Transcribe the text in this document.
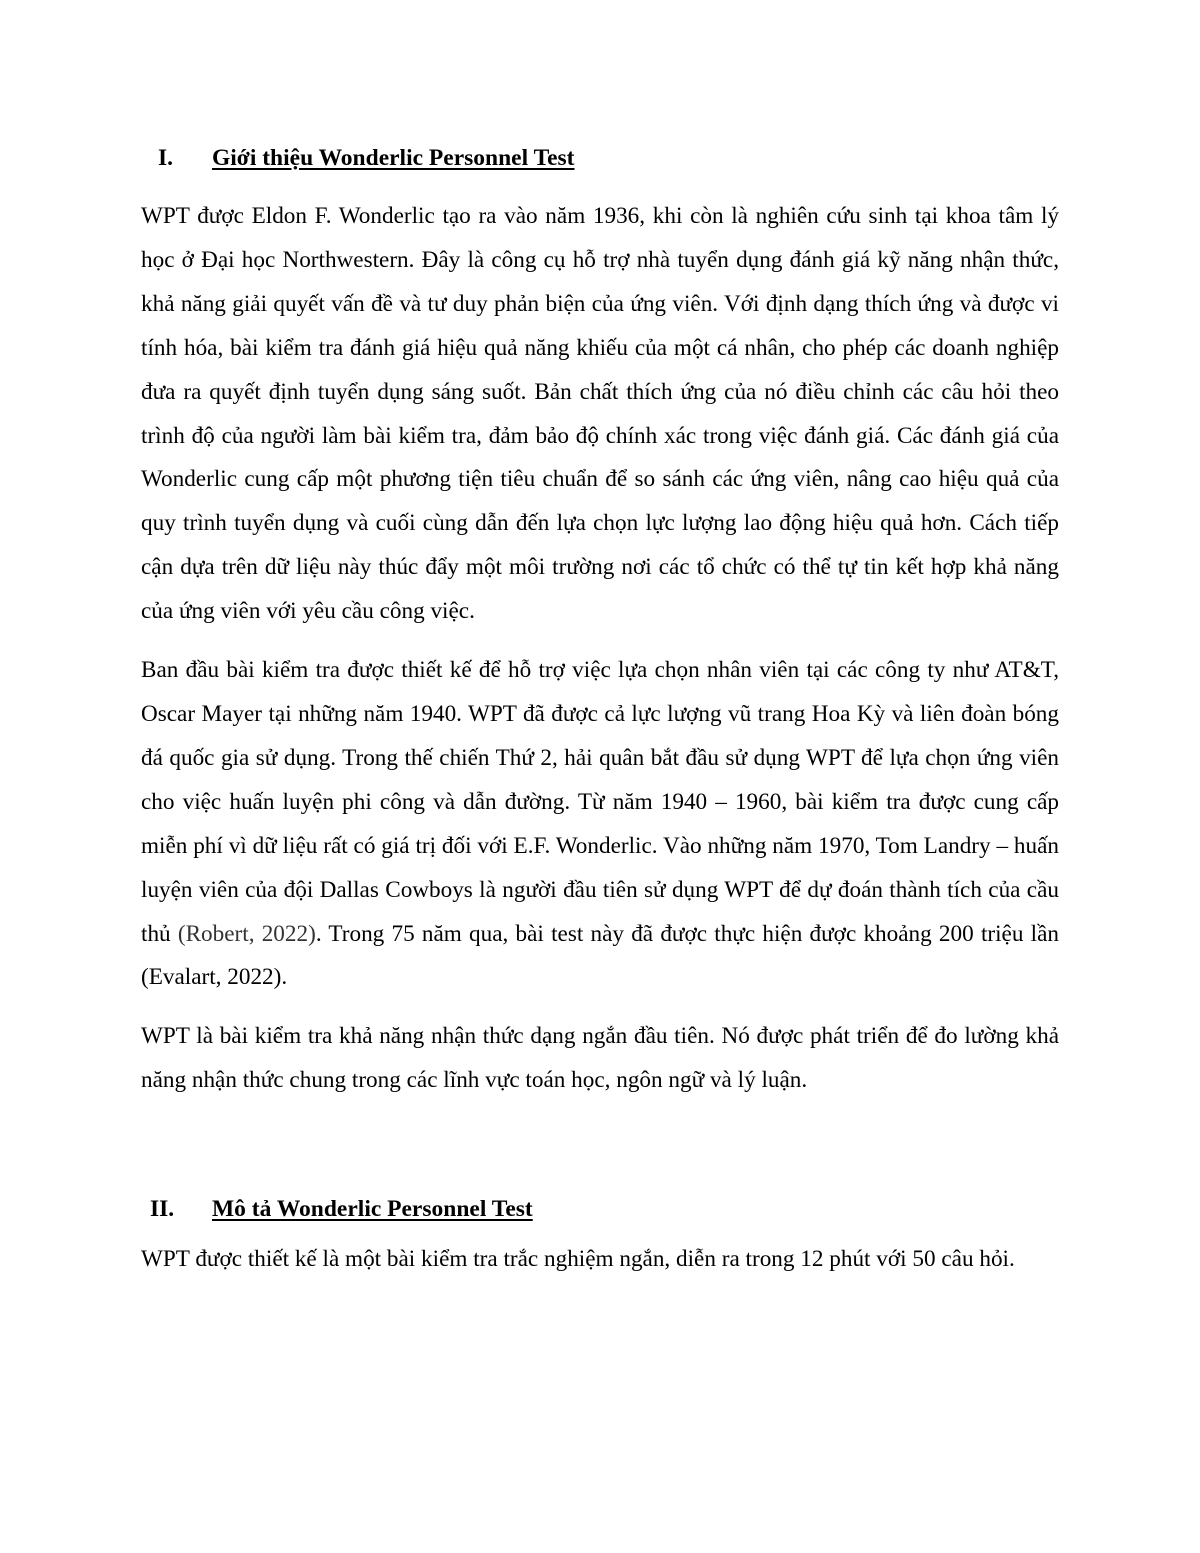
I.	Giới thiệu Wonderlic Personnel Test

WPT được Eldon F. Wonderlic tạo ra vào năm 1936, khi còn là nghiên cứu sinh tại khoa tâm lý học ở Đại học Northwestern. Đây là công cụ hỗ trợ nhà tuyển dụng đánh giá kỹ năng nhận thức, khả năng giải quyết vấn đề và tư duy phản biện của ứng viên. Với định dạng thích ứng và được vi tính hóa, bài kiểm tra đánh giá hiệu quả năng khiếu của một cá nhân, cho phép các doanh nghiệp đưa ra quyết định tuyển dụng sáng suốt. Bản chất thích ứng của nó điều chỉnh các câu hỏi theo trình độ của người làm bài kiểm tra, đảm bảo độ chính xác trong việc đánh giá. Các đánh giá của Wonderlic cung cấp một phương tiện tiêu chuẩn để so sánh các ứng viên, nâng cao hiệu quả của quy trình tuyển dụng và cuối cùng dẫn đến lựa chọn lực lượng lao động hiệu quả hơn. Cách tiếp cận dựa trên dữ liệu này thúc đẩy một môi trường nơi các tổ chức có thể tự tin kết hợp khả năng của ứng viên với yêu cầu công việc.

Ban đầu bài kiểm tra được thiết kế để hỗ trợ việc lựa chọn nhân viên tại các công ty như AT&T, Oscar Mayer tại những năm 1940. WPT đã được cả lực lượng vũ trang Hoa Kỳ và liên đoàn bóng đá quốc gia sử dụng. Trong thế chiến Thứ 2, hải quân bắt đầu sử dụng WPT để lựa chọn ứng viên cho việc huấn luyện phi công và dẫn đường. Từ năm 1940 – 1960, bài kiểm tra được cung cấp miễn phí vì dữ liệu rất có giá trị đối với E.F. Wonderlic. Vào những năm 1970, Tom Landry – huấn luyện viên của đội Dallas Cowboys là người đầu tiên sử dụng WPT để dự đoán thành tích của cầu thủ (Robert, 2022). Trong 75 năm qua, bài test này đã được thực hiện được khoảng 200 triệu lần (Evalart, 2022).

WPT là bài kiểm tra khả năng nhận thức dạng ngắn đầu tiên. Nó được phát triển để đo lường khả năng nhận thức chung trong các lĩnh vực toán học, ngôn ngữ và lý luận.

II.	Mô tả Wonderlic Personnel Test

WPT được thiết kế là một bài kiểm tra trắc nghiệm ngắn, diễn ra trong 12 phút với 50 câu hỏi.
